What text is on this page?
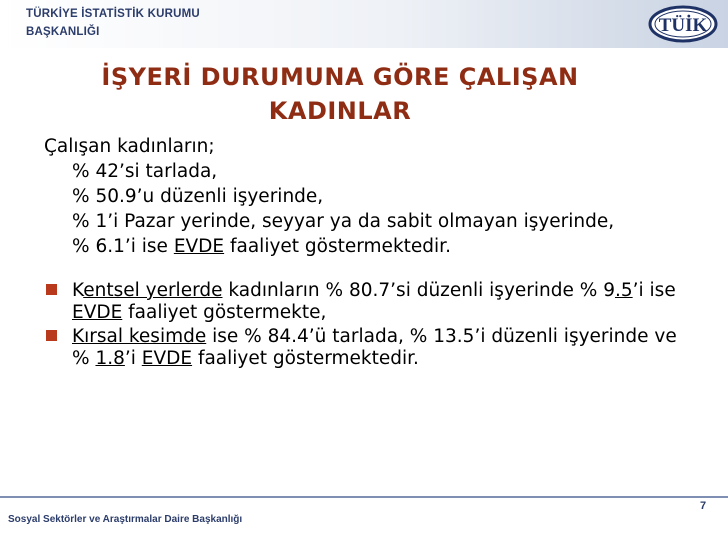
TÜRKİYE İSTATİSTİK KURUMU
BAŞKANLIĞI	TÜİK
İŞYERİ DURUMUNA GÖRE ÇALIŞAN
KADINLAR
Çalışan kadınların;
% 42’si tarlada,
% 50.9’u düzenli işyerinde,
% 1’i Pazar yerinde, seyyar ya da sabit olmayan işyerinde,
% 6.1’i ise EVDE faaliyet göstermektedir.
Kentsel yerlerde kadınların % 80.7’si düzenli işyerinde % 9.5’i ise EVDE faaliyet göstermekte,
Kırsal kesimde ise % 84.4’ü tarlada, % 13.5’i düzenli işyerinde ve % 1.8’i EVDE faaliyet göstermektedir.
7
Sosyal Sektörler ve Araştırmalar Daire Başkanlığı
